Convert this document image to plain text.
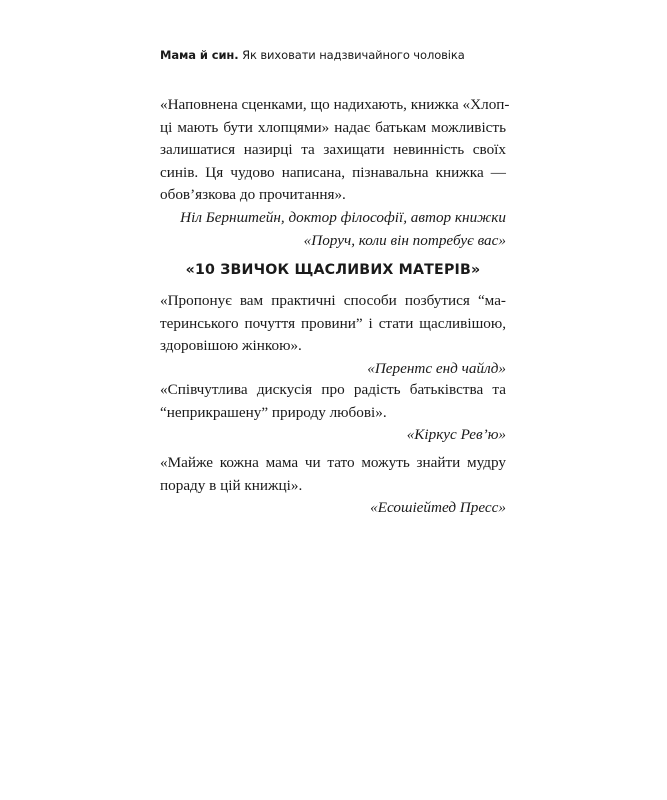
Мама й син. Як виховати надзвичайного чоловіка
«Наповнена сценками, що надихають, книжка «Хлоп-
ці мають бути хлопцями» надає батькам можливість
залишатися назирці та захищати невинність своїх
синів. Ця чудово написана, пізнавальна книжка —
обов’язкова до прочитання».
Ніл Бернштейн, доктор філософії, автор книжки
«Поруч, коли він потребує вас»
«10 ЗВИЧОК ЩАСЛИВИХ МАТЕРІВ»
«Пропонує вам практичні способи позбутися “ма-
теринського почуття провини” і стати щасливішою,
здоровішою жінкою».
«Перентс енд чайлд»
«Співчутлива дискусія про радість батьківства та
“неприкрашену” природу любові».
«Кіркус Рев’ю»
«Майже кожна мама чи тато можуть знайти мудру
пораду в цій книжці».
«Есошіейтед Пресс»
